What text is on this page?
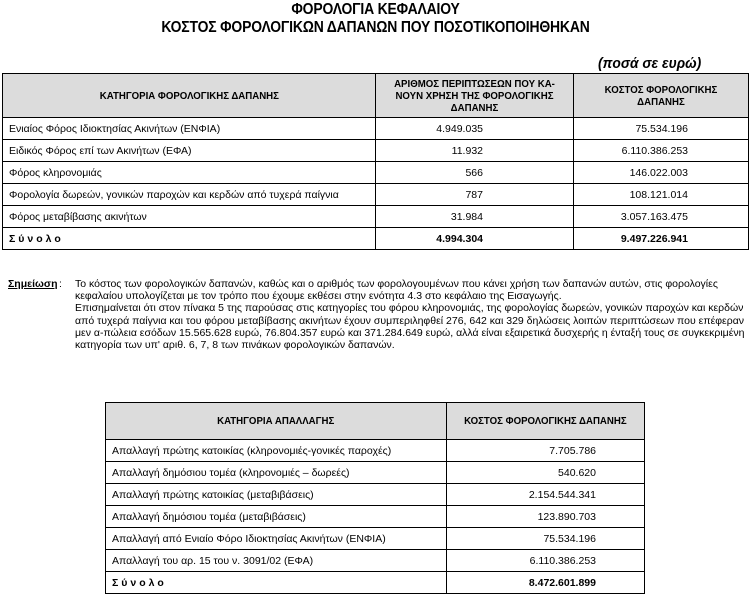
ΦΟΡΟΛΟΓΙΑ ΚΕΦΑΛΑΙΟΥ
ΚΟΣΤΟΣ ΦΟΡΟΛΟΓΙΚΩΝ ΔΑΠΑΝΩΝ ΠΟΥ ΠΟΣΟΤΙΚΟΠΟΙΗΘΗΚΑΝ
(ποσά σε ευρώ)
ΚΑΤΗΓΟΡΙΑ ΦΟΡΟΛΟΓΙΚΗΣ ΔΑΠΑΝΗΣ	ΑΡΙΘΜΟΣ ΠΕΡΙΠΤΩΣΕΩΝ ΠΟΥ ΚΑ-ΝΟΥΝ ΧΡΗΣΗ ΤΗΣ ΦΟΡΟΛΟΓΙΚΗΣ ΔΑΠΑΝΗΣ	ΚΟΣΤΟΣ ΦΟΡΟΛΟΓΙΚΗΣ ΔΑΠΑΝΗΣ
Ενιαίος Φόρος Ιδιοκτησίας Ακινήτων (ΕΝΦΙΑ)	4.949.035	75.534.196
Ειδικός Φόρος επί των Ακινήτων (ΕΦΑ)	11.932	6.110.386.253
Φόρος κληρονομιάς	566	146.022.003
Φορολογία δωρεών, γονικών παροχών και κερδών από τυχερά παίγνια	787	108.121.014
Φόρος μεταβίβασης ακινήτων	31.984	3.057.163.475
Σύνολο	4.994.304	9.497.226.941
Σημείωση : Το κόστος των φορολογικών δαπανών, καθώς και ο αριθμός των φορολογουμένων που κάνει χρήση των δαπανών αυτών, στις φορολογίες κεφαλαίου υπολογίζεται με τον τρόπο που έχουμε εκθέσει στην ενότητα 4.3 στο κεφάλαιο της Εισαγωγής.

Επισημαίνεται ότι στον πίνακα 5 της παρούσας στις κατηγορίες του φόρου κληρονομιάς, της φορολογίας δωρεών, γονικών παροχών και κερδών από τυχερά παίγνια και του φόρου μεταβίβασης ακινήτων έχουν συμπεριληφθεί 276, 642 και 329 δηλώσεις λοιπών περιπτώσεων που επέφεραν μεν α-πώλεια εσόδων 15.565.628 ευρώ, 76.804.357 ευρώ και 371.284.649 ευρώ, αλλά είναι εξαιρετικά δυσχερής η ένταξή τους σε συγκεκριμένη κατηγορία των υπ' αριθ. 6, 7, 8 των πινάκων φορολογικών δαπανών.

ΚΑΤΗΓΟΡΙΑ ΑΠΑΛΛΑΓΗΣ	ΚΟΣΤΟΣ ΦΟΡΟΛΟΓΙΚΗΣ ΔΑΠΑΝΗΣ
Απαλλαγή πρώτης κατοικίας (κληρονομιές-γονικές παροχές)	7.705.786
Απαλλαγή δημόσιου τομέα (κληρονομιές – δωρεές)	540.620
Απαλλαγή πρώτης κατοικίας (μεταβιβάσεις)	2.154.544.341
Απαλλαγή δημόσιου τομέα (μεταβιβάσεις)	123.890.703
Απαλλαγή από Ενιαίο Φόρο Ιδιοκτησίας Ακινήτων (ΕΝΦΙΑ)	75.534.196
Απαλλαγή του αρ. 15 του ν. 3091/02 (ΕΦΑ)	6.110.386.253
Σύνολο	8.472.601.899
